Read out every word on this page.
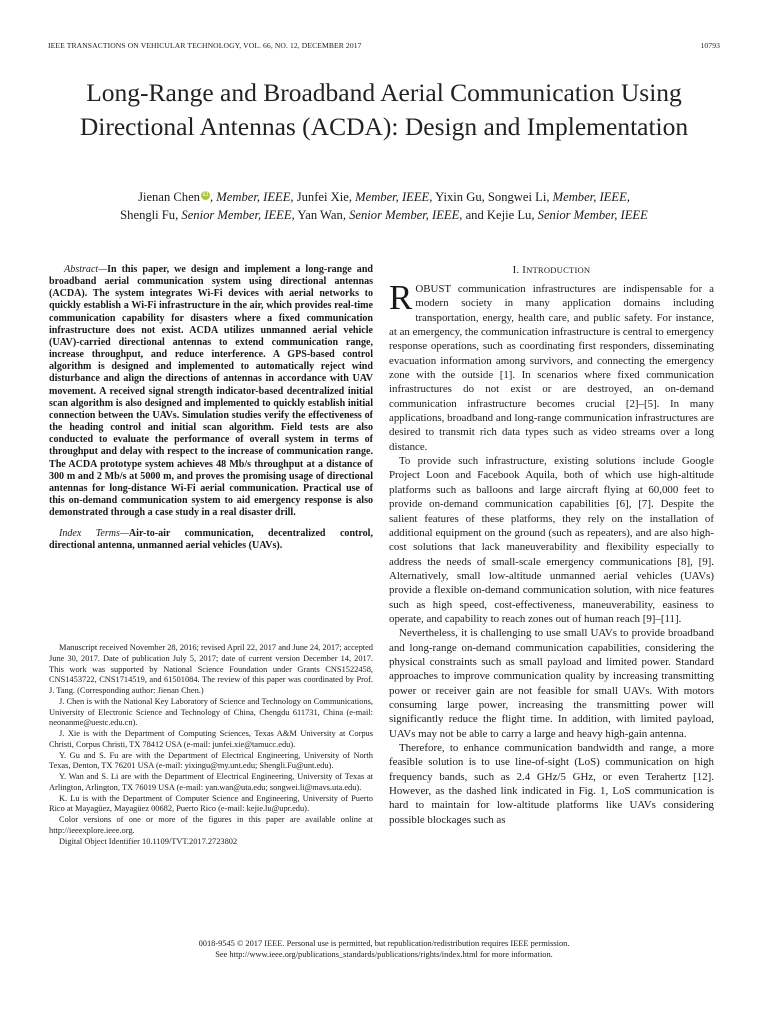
IEEE TRANSACTIONS ON VEHICULAR TECHNOLOGY, VOL. 66, NO. 12, DECEMBER 2017	10793
Long-Range and Broadband Aerial Communication Using Directional Antennas (ACDA): Design and Implementation
Jienan Chen iD , Member, IEEE, Junfei Xie, Member, IEEE, Yixin Gu, Songwei Li, Member, IEEE,
Shengli Fu, Senior Member, IEEE, Yan Wan, Senior Member, IEEE, and Kejie Lu, Senior Member, IEEE

Abstract—In this paper, we design and implement a long-range and broadband aerial communication system using directional antennas (ACDA). The system integrates Wi-Fi devices with aerial networks to quickly establish a Wi-Fi infrastructure in the air, which provides real-time communication capability for disasters where a fixed communication infrastructure does not exist. ACDA utilizes unmanned aerial vehicle (UAV)-carried directional antennas to extend communication range, increase throughput, and reduce interference. A GPS-based control algorithm is designed and implemented to automatically reject wind disturbance and align the directions of antennas in accordance with UAV movement. A received signal strength indicator-based decentralized initial scan algorithm is also designed and implemented to quickly establish initial connection between the UAVs. Simulation studies verify the effectiveness of the heading control and initial scan algorithm. Field tests are also conducted to evaluate the performance of overall system in terms of throughput and delay with respect to the increase of communication range. The ACDA prototype system achieves 48 Mb/s throughput at a distance of 300 m and 2 Mb/s at 5000 m, and proves the promising usage of directional antennas for long-distance Wi-Fi aerial communication. Practical use of this on-demand communication system to aid emergency response is also demonstrated through a case study in a real disaster drill.

Index Terms—Air-to-air communication, decentralized control, directional antenna, unmanned aerial vehicles (UAVs).

Manuscript received November 28, 2016; revised April 22, 2017 and June 24, 2017; accepted June 30, 2017. Date of publication July 5, 2017; date of current version December 14, 2017. This work was supported by National Science Foundation under Grants CNS1522458, CNS1453722, CNS1714519, and 61501084. The review of this paper was coordinated by Prof. J. Tang. (Corresponding author: Jienan Chen.)

J. Chen is with the National Key Laboratory of Science and Technology on Communications, University of Electronic Science and Technology of China, Chengdu 611731, China (e-mail: neonanme@uestc.edu.cn).

J. Xie is with the Department of Computing Sciences, Texas A&M University at Corpus Christi, Corpus Christi, TX 78412 USA (e-mail: junfei.xie@tamucc.edu).

Y. Gu and S. Fu are with the Department of Electrical Engineering, University of North Texas, Denton, TX 76201 USA (e-mail: yixingu@my.unt.edu; Shengli.Fu@unt.edu).

Y. Wan and S. Li are with the Department of Electrical Engineering, University of Texas at Arlington, Arlington, TX 76019 USA (e-mail: yan.wan@uta.edu; songwei.li@mavs.uta.edu).

K. Lu is with the Department of Computer Science and Engineering, University of Puerto Rico at Mayagüez, Mayagüez 00682, Puerto Rico (e-mail: kejie.lu@upr.edu).

Color versions of one or more of the figures in this paper are available online at http://ieeexplore.ieee.org.

Digital Object Identifier 10.1109/TVT.2017.2723802

I. INTRODUCTION

ROBUST communication infrastructures are indispensable for a modern society in many application domains including transportation, energy, health care, and public safety. For instance, at an emergency, the communication infrastructure is central to emergency response operations, such as coordinating first responders, disseminating evacuation information among survivors, and connecting the emergency zone with the outside [1]. In scenarios where fixed communication infrastructures do not exist or are destroyed, an on-demand communication infrastructure becomes crucial [2]–[5]. In many applications, broadband and long-range communication infrastructures are desired to transmit rich data types such as video streams over a long distance.

To provide such infrastructure, existing solutions include Google Project Loon and Facebook Aquila, both of which use high-altitude platforms such as balloons and large aircraft flying at 60,000 feet to provide on-demand communication capabilities [6], [7]. Despite the salient features of these platforms, they rely on the installation of additional equipment on the ground (such as repeaters), and are also high-cost solutions that lack maneuverability and flexibility especially to address the needs of small-scale emergency communications [8], [9]. Alternatively, small low-altitude unmanned aerial vehicles (UAVs) provide a flexible on-demand communication solution, with nice features such as high speed, cost-effectiveness, maneuverability, easiness to operate, and capability to reach zones out of human reach [9]–[11].

Nevertheless, it is challenging to use small UAVs to provide broadband and long-range on-demand communication capabilities, considering the physical constraints such as small payload and limited power. Standard approaches to improve communication quality by increasing transmitting power or receiver gain are not feasible for small UAVs. With motors consuming large power, increasing the transmitting power will significantly reduce the flight time. In addition, with limited payload, UAVs may not be able to carry a large and heavy high-gain antenna.

Therefore, to enhance communication bandwidth and range, a more feasible solution is to use line-of-sight (LoS) communication on high frequency bands, such as 2.4 GHz/5 GHz, or even Terahertz [12]. However, as the dashed link indicated in Fig. 1, LoS communication is hard to maintain for low-altitude platforms like UAVs considering possible blockages such as

0018-9545 © 2017 IEEE. Personal use is permitted, but republication/redistribution requires IEEE permission.
See http://www.ieee.org/publications_standards/publications/rights/index.html for more information.
